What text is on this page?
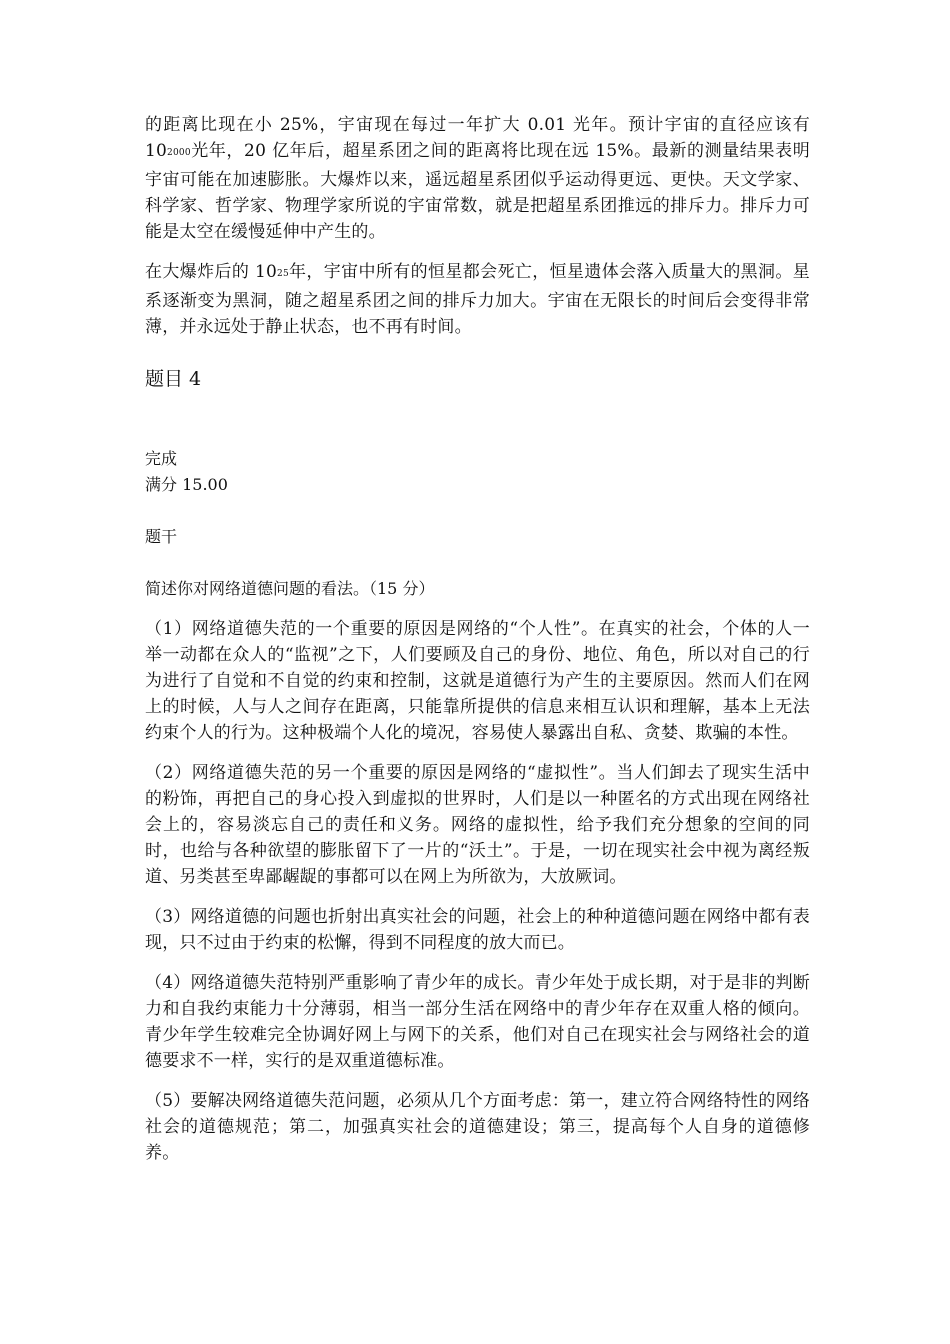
的距离比现在小 25%，宇宙现在每过一年扩大 0.01 光年。预计宇宙的直径应该有 $10_{2000}$光年，20 亿年后，超星系团之间的距离将比现在远 15%。最新的测量结果表明宇宙可能在加速膨胀。大爆炸以来，遥远超星系团似乎运动得更远、更快。天文学家、科学家、哲学家、物理学家所说的宇宙常数，就是把超星系团推远的排斥力。排斥力可能是太空在缓慢延伸中产生的。

在大爆炸后的 $10_{25}$年，宇宙中所有的恒星都会死亡，恒星遗体会落入质量大的黑洞。星系逐渐变为黑洞，随之超星系团之间的排斥力加大。宇宙在无限长的时间后会变得非常薄，并永远处于静止状态，也不再有时间。

题目 4

完成

满分 15.00

题干

简述你对网络道德问题的看法。（15 分）

（1）网络道德失范的一个重要的原因是网络的“个人性”。在真实的社会，个体的人一举一动都在众人的“监视”之下，人们要顾及自己的身份、地位、角色，所以对自己的行为进行了自觉和不自觉的约束和控制，这就是道德行为产生的主要原因。然而人们在网上的时候，人与人之间存在距离，只能靠所提供的信息来相互认识和理解，基本上无法约束个人的行为。这种极端个人化的境况，容易使人暴露出自私、贪婪、欺骗的本性。

（2）网络道德失范的另一个重要的原因是网络的“虚拟性”。当人们卸去了现实生活中的粉饰，再把自己的身心投入到虚拟的世界时，人们是以一种匿名的方式出现在网络社会上的，容易淡忘自己的责任和义务。网络的虚拟性，给予我们充分想象的空间的同时，也给与各种欲望的膨胀留下了一片的“沃土”。于是，一切在现实社会中视为离经叛道、另类甚至卑鄙龌龊的事都可以在网上为所欲为，大放厥词。

（3）网络道德的问题也折射出真实社会的问题，社会上的种种道德问题在网络中都有表现，只不过由于约束的松懈，得到不同程度的放大而已。

（4）网络道德失范特别严重影响了青少年的成长。青少年处于成长期，对于是非的判断力和自我约束能力十分薄弱，相当一部分生活在网络中的青少年存在双重人格的倾向。青少年学生较难完全协调好网上与网下的关系，他们对自己在现实社会与网络社会的道德要求不一样，实行的是双重道德标准。

（5）要解决网络道德失范问题，必须从几个方面考虑：第一，建立符合网络特性的网络社会的道德规范；第二，加强真实社会的道德建设；第三，提高每个人自身的道德修养。
